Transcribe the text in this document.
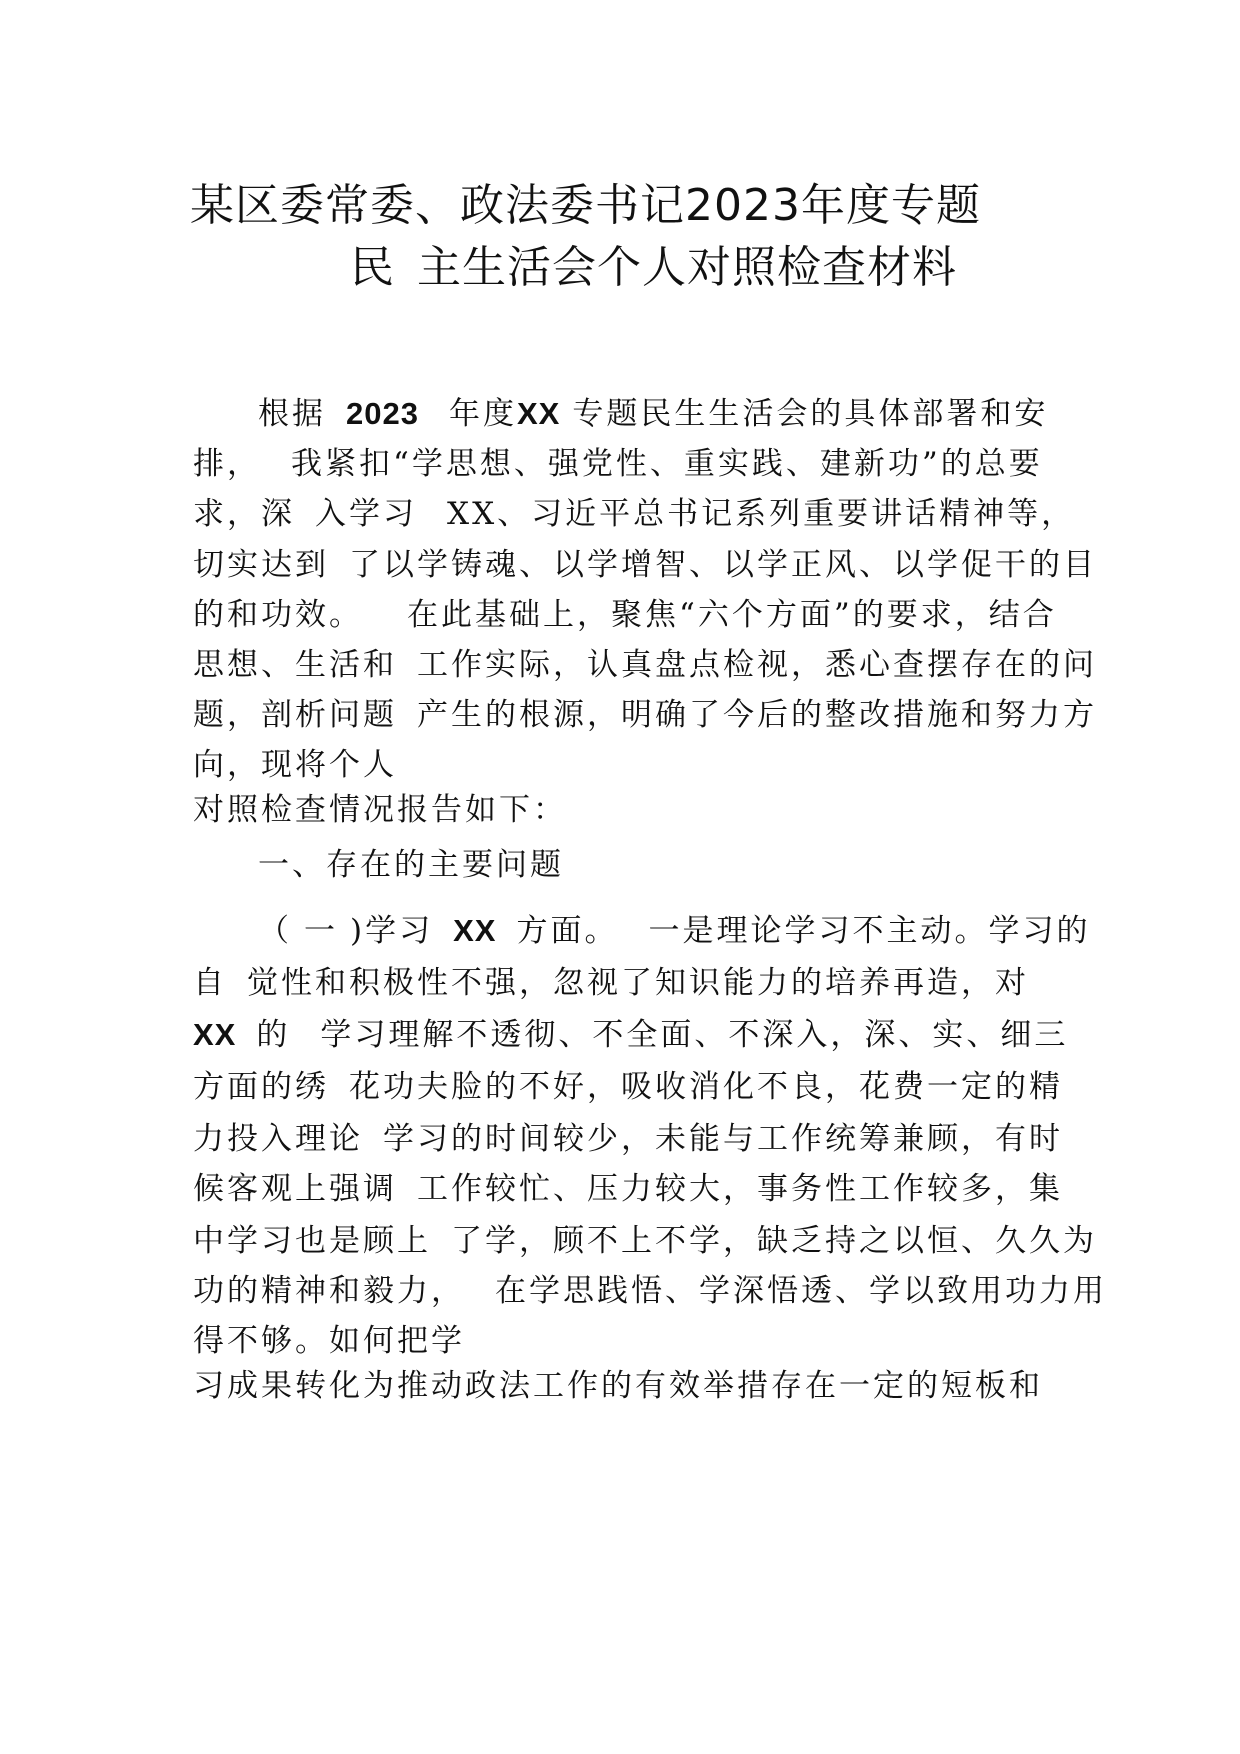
某区委常委、政法委书记2023年度专题
民 主生活会个人对照检查材料
根据 2023 年度XX 专题民生生活会的具体部署和安
排， 我紧扣“学思想、强党性、重实践、建新功”的总要
求，深 入学习 XX、习近平总书记系列重要讲话精神等，
切实达到 了以学铸魂、以学增智、以学正风、以学促干的目
的和功效。 在此基础上，聚焦“六个方面”的要求，结合
思想、生活和 工作实际，认真盘点检视，悉心查摆存在的问
题，剖析问题 产生的根源，明确了今后的整改措施和努力方
向，现将个人
对照检查情况报告如下：
一、存在的主要问题
（ 一 )学习 XX 方面。 一是理论学习不主动。学习的
自 觉性和积极性不强，忽视了知识能力的培养再造，对
XX 的 学习理解不透彻、不全面、不深入，深、实、细三
方面的绣 花功夫脸的不好，吸收消化不良，花费一定的精
力投入理论 学习的时间较少，未能与工作统筹兼顾，有时
候客观上强调 工作较忙、压力较大，事务性工作较多，集
中学习也是顾上 了学，顾不上不学，缺乏持之以恒、久久为
功的精神和毅力， 在学思践悟、学深悟透、学以致用功力用
得不够。如何把学
习成果转化为推动政法工作的有效举措存在一定的短板和
